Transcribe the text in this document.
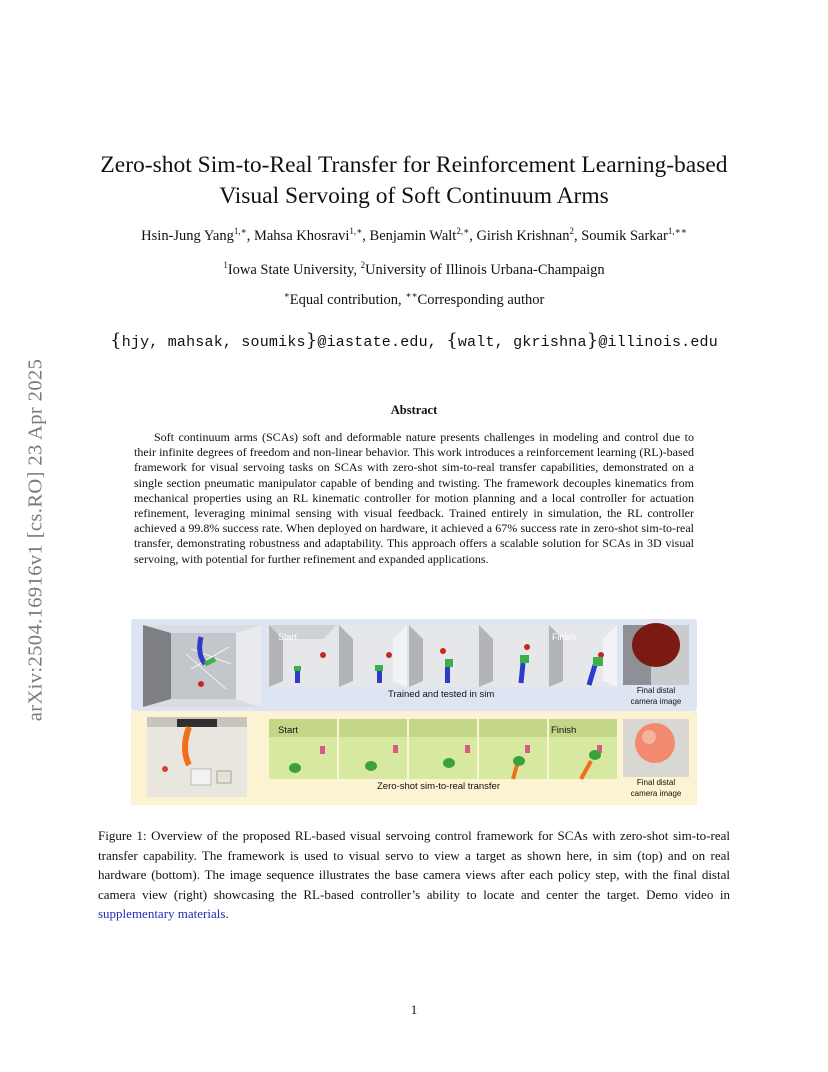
arXiv:2504.16916v1 [cs.RO] 23 Apr 2025
Zero-shot Sim-to-Real Transfer for Reinforcement Learning-based
Visual Servoing of Soft Continuum Arms
Hsin-Jung Yang$^{1,∗}$, Mahsa Khosravi$^{1,∗}$, Benjamin Walt$^{2,∗}$, Girish Krishnan$^2$, Soumik Sarkar$^{1,∗∗}$
$^1$Iowa State University, $^2$University of Illinois Urbana-Champaign
∗Equal contribution, ∗∗Corresponding author
{hjy, mahsak, soumiks}@iastate.edu, {walt, gkrishna}@illinois.edu
Abstract
Soft continuum arms (SCAs) soft and deformable nature presents challenges in modeling and control due to their infinite degrees of freedom and non-linear behavior. This work introduces a reinforcement learning (RL)-based framework for visual servoing tasks on SCAs with zero-shot sim-to-real transfer capabilities, demonstrated on a single section pneumatic manipulator capable of bending and twisting. The framework decouples kinematics from mechanical properties using an RL kinematic controller for motion planning and a local controller for actuation refinement, leveraging minimal sensing with visual feedback. Trained entirely in simulation, the RL controller achieved a 99.8% success rate. When deployed on hardware, it achieved a 67% success rate in zero-shot sim-to-real transfer, demonstrating robustness and adaptability. This approach offers a scalable solution for SCAs in 3D visual servoing, with potential for further refinement and expanded applications.
Start	Finish
Trained and tested in sim	Final distal
camera image
Start	Finish
Zero-shot sim-to-real transfer	Final distal
camera image
Figure 1: Overview of the proposed RL-based visual servoing control framework for SCAs with zero-shot sim-to-real transfer capability. The framework is used to visual servo to view a target as shown here, in sim (top) and on real hardware (bottom). The image sequence illustrates the base camera views after each policy step, with the final distal camera view (right) showcasing the RL-based controller’s ability to locate and center the target. Demo video in supplementary materials.
1
